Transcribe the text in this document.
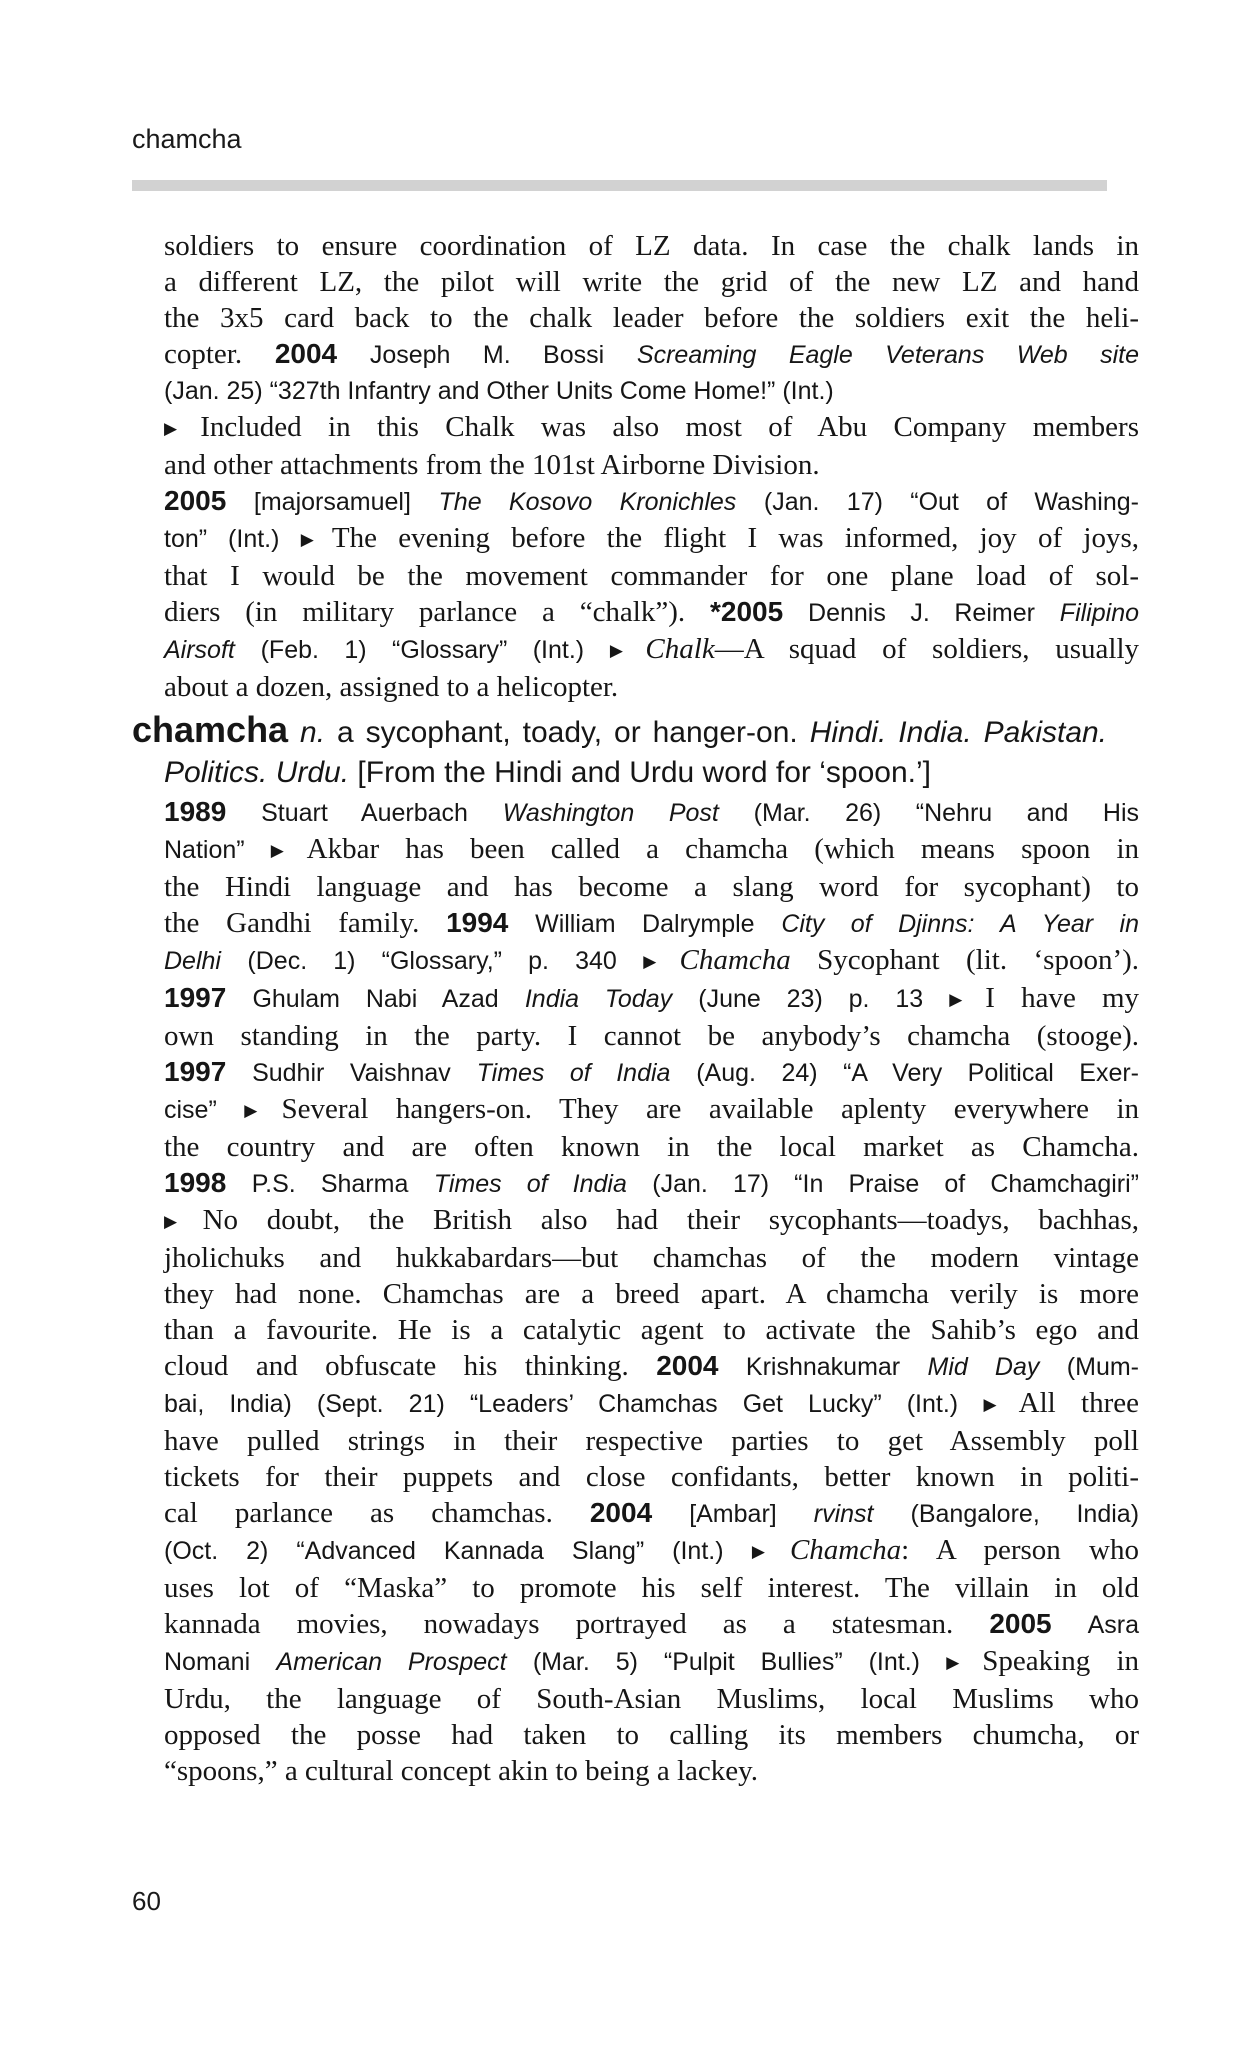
chamcha
soldiers to ensure coordination of LZ data. In case the chalk lands in
a different LZ, the pilot will write the grid of the new LZ and hand
the 3x5 card back to the chalk leader before the soldiers exit the heli-
copter. 2004 Joseph M. Bossi Screaming Eagle Veterans Web site
(Jan. 25) “327th Infantry and Other Units Come Home!” (Int.)
▶ Included in this Chalk was also most of Abu Company members
and other attachments from the 101st Airborne Division.
2005 [majorsamuel] The Kosovo Kronichles (Jan. 17) “Out of Washing-
ton” (Int.) ▶ The evening before the flight I was informed, joy of joys,
that I would be the movement commander for one plane load of sol-
diers (in military parlance a “chalk”). *2005 Dennis J. Reimer Filipino
Airsoft (Feb. 1) “Glossary” (Int.) ▶ Chalk—A squad of soldiers, usually
about a dozen, assigned to a helicopter.
chamcha n. a sycophant, toady, or hanger-on. Hindi. India. Pakistan.
Politics. Urdu. [From the Hindi and Urdu word for ‘spoon.’]
1989 Stuart Auerbach Washington Post (Mar. 26) “Nehru and His
Nation” ▶ Akbar has been called a chamcha (which means spoon in
the Hindi language and has become a slang word for sycophant) to
the Gandhi family. 1994 William Dalrymple City of Djinns: A Year in
Delhi (Dec. 1) “Glossary,” p. 340 ▶ Chamcha Sycophant (lit. ‘spoon’).
1997 Ghulam Nabi Azad India Today (June 23) p. 13 ▶ I have my
own standing in the party. I cannot be anybody’s chamcha (stooge).
1997 Sudhir Vaishnav Times of India (Aug. 24) “A Very Political Exer-
cise” ▶ Several hangers-on. They are available aplenty everywhere in
the country and are often known in the local market as Chamcha.
1998 P.S. Sharma Times of India (Jan. 17) “In Praise of Chamchagiri”
▶ No doubt, the British also had their sycophants—toadys, bachhas,
jholichuks and hukkabardars—but chamchas of the modern vintage
they had none. Chamchas are a breed apart. A chamcha verily is more
than a favourite. He is a catalytic agent to activate the Sahib’s ego and
cloud and obfuscate his thinking. 2004 Krishnakumar Mid Day (Mum-
bai, India) (Sept. 21) “Leaders’ Chamchas Get Lucky” (Int.) ▶ All three
have pulled strings in their respective parties to get Assembly poll
tickets for their puppets and close confidants, better known in politi-
cal parlance as chamchas. 2004 [Ambar] rvinst (Bangalore, India)
(Oct. 2) “Advanced Kannada Slang” (Int.) ▶ Chamcha: A person who
uses lot of “Maska” to promote his self interest. The villain in old
kannada movies, nowadays portrayed as a statesman. 2005 Asra
Nomani American Prospect (Mar. 5) “Pulpit Bullies” (Int.) ▶ Speaking in
Urdu, the language of South-Asian Muslims, local Muslims who
opposed the posse had taken to calling its members chumcha, or
“spoons,” a cultural concept akin to being a lackey.
60
